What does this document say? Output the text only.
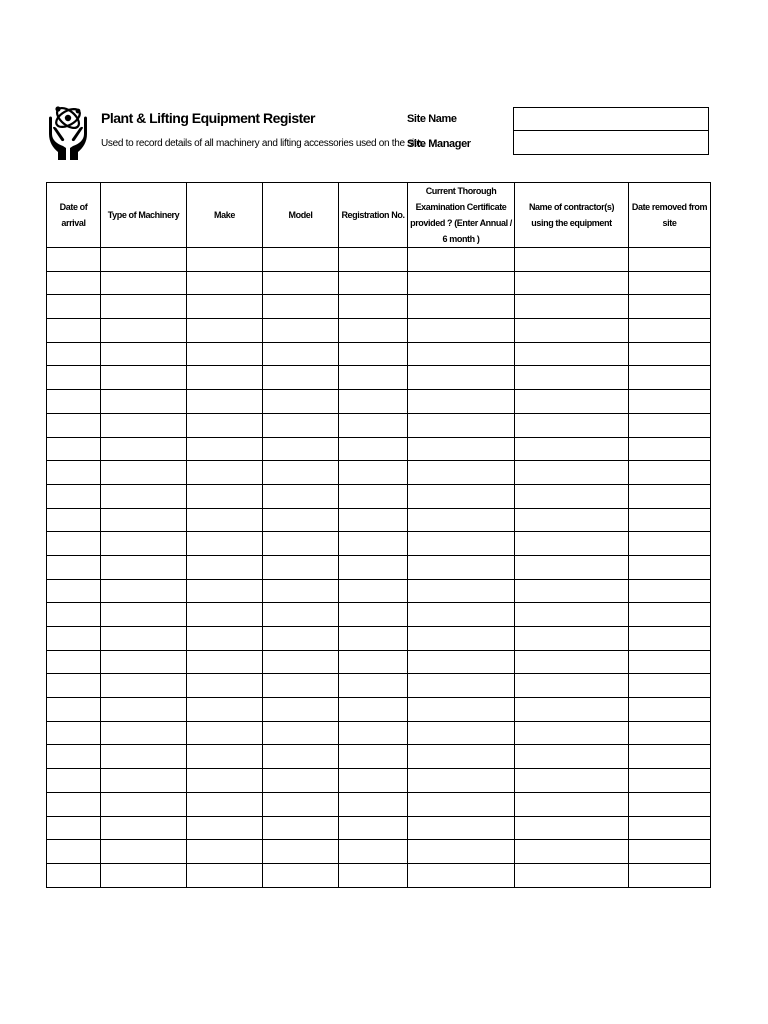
Plant & Lifting Equipment Register
Used to record details of all machinery and lifting accessories used on the site.
Site Name
Site Manager
Date of arrival	Type of Machinery	Make	Model	Registration No.	Current Thorough Examination Certificate provided ? (Enter Annual / 6 month )	Name of contractor(s) using the equipment	Date removed from site
